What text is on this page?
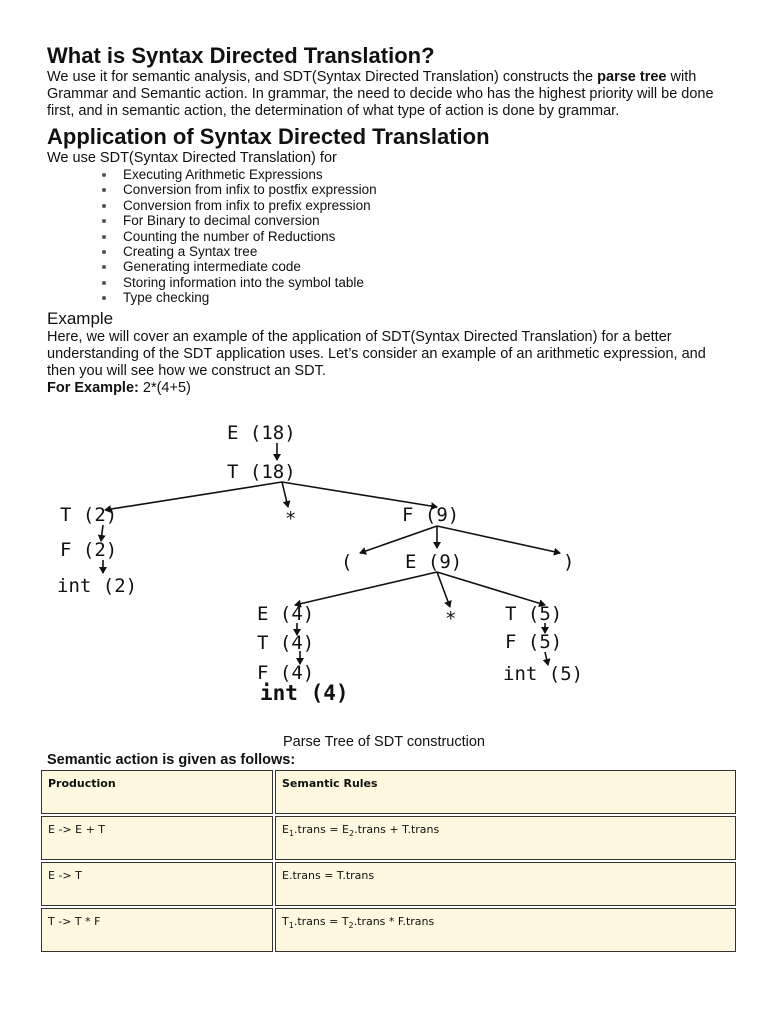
What is Syntax Directed Translation?

We use it for semantic analysis, and SDT(Syntax Directed Translation) constructs the parse tree with Grammar and Semantic action. In grammar, the need to decide who has the highest priority will be done first, and in semantic action, the determination of what type of action is done by grammar.

Application of Syntax Directed Translation

We use SDT(Syntax Directed Translation) for

Executing Arithmetic Expressions
Conversion from infix to postfix expression
Conversion from infix to prefix expression
For Binary to decimal conversion
Counting the number of Reductions
Creating a Syntax tree
Generating intermediate code
Storing information into the symbol table
Type checking
Example

Here, we will cover an example of the application of SDT(Syntax Directed Translation) for a better understanding of the SDT application uses. Let’s consider an example of an arithmetic expression, and then you will see how we construct an SDT.

For Example: 2*(4+5)

E (18)
T (18)
T (2)	*	F (9)
F (2)
(	E (9)	)
int (2)
E (4)	*	T (5)
T (4)	F (5)
F (4)	int (5)
int (4)
Parse Tree of SDT construction
Semantic action is given as follows:
Production	Semantic Rules
E -> E + T	$E_1.trans$ = $E_2.trans$ + T.trans
E -> T	E.trans = T.trans
T -> T * F	$T_1.trans$ = $T_2.trans$ * F.trans
